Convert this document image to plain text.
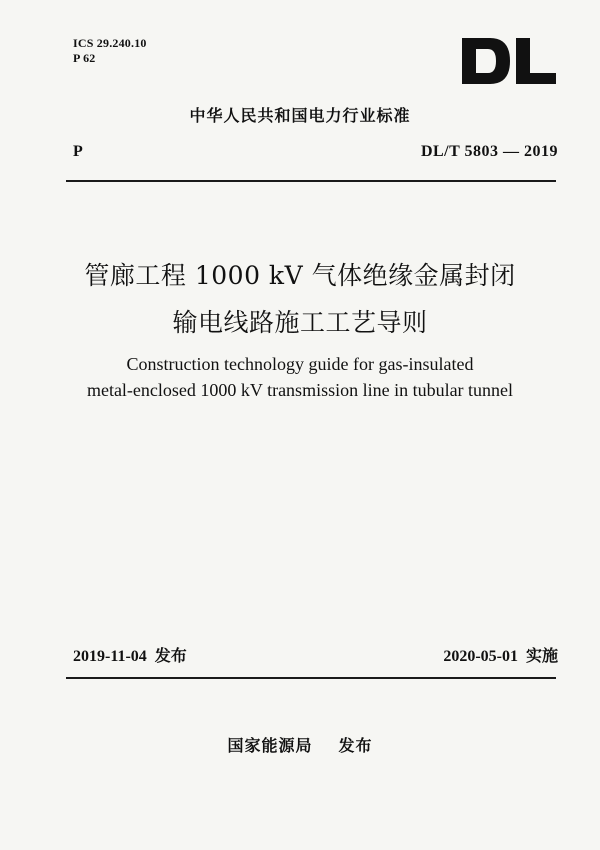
ICS 29.240.10
P 62
中华人民共和国电力行业标准
P	DL/T 5803 — 2019
管廊工程 1000 kV 气体绝缘金属封闭
输电线路施工工艺导则
Construction technology guide for gas-insulated
metal-enclosed 1000 kV transmission line in tubular tunnel
2019-11-04 发布	2020-05-01 实施
国家能源局 发布
